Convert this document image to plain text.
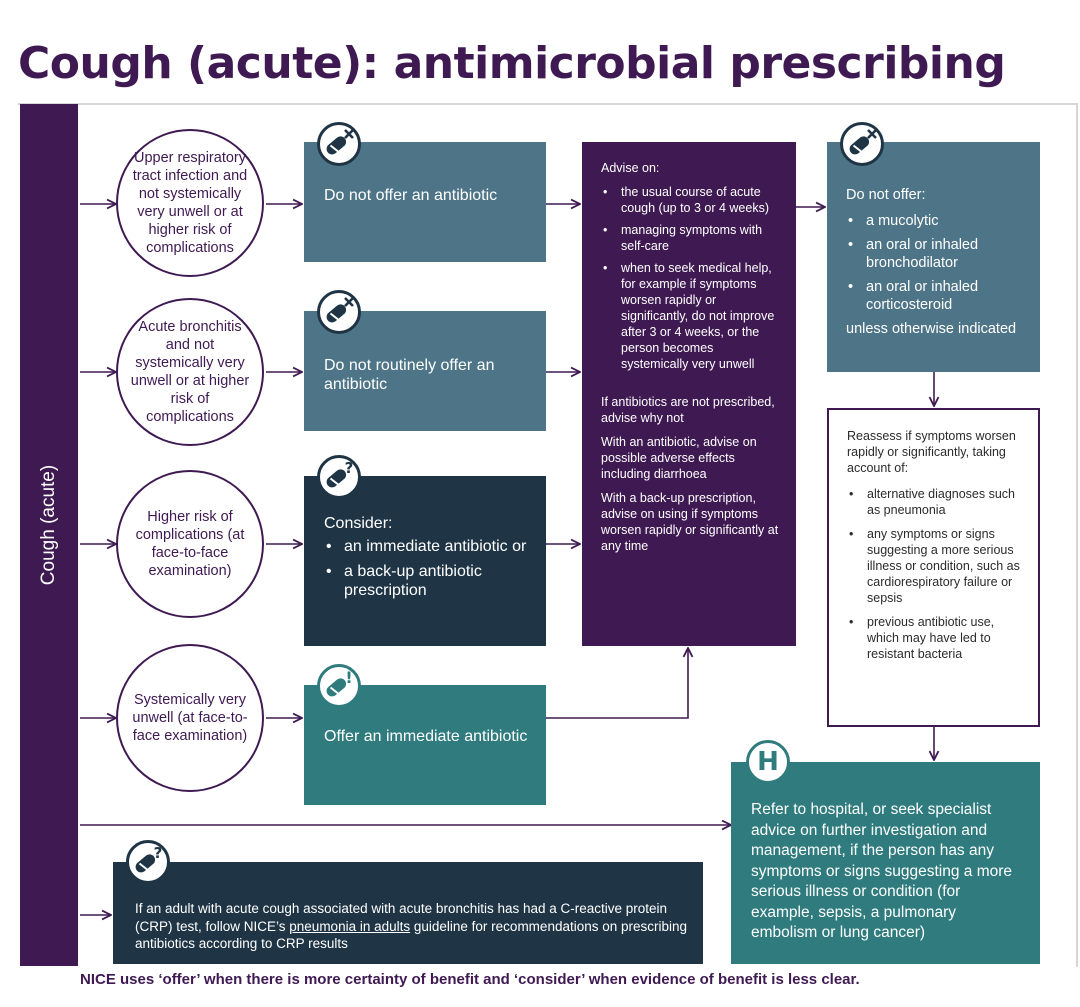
Cough (acute): antimicrobial prescribing
Cough (acute)
Upper respiratory tract infection and not systemically very unwell or at higher risk of complications
Acute bronchitis and not systemically very unwell or at higher risk of complications
Higher risk of complications (at face-to-face examination)
Systemically very unwell (at face-to-face examination)
Do not offer an antibiotic
Do not routinely offer an antibiotic
Consider:
• an immediate antibiotic or
• a back-up antibiotic prescription
?
Offer an immediate antibiotic
!

Advise on:

• the usual course of acute cough (up to 3 or 4 weeks)
• managing symptoms with self-care
• when to seek medical help, for example if symptoms worsen rapidly or significantly, do not improve after 3 or 4 weeks, or the person becomes systemically very unwell

If antibiotics are not prescribed, advise why not

With an antibiotic, advise on possible adverse effects including diarrhoea

With a back-up prescription, advise on using if symptoms worsen rapidly or significantly at any time

Do not offer:
• a mucolytic
• an oral or inhaled bronchodilator
• an oral or inhaled corticosteroid
unless otherwise indicated

Reassess if symptoms worsen rapidly or significantly, taking account of:

• alternative diagnoses such as pneumonia
• any symptoms or signs suggesting a more serious illness or condition, such as cardiorespiratory failure or sepsis
• previous antibiotic use, which may have led to resistant bacteria
Refer to hospital, or seek specialist advice on further investigation and management, if the person has any symptoms or signs suggesting a more serious illness or condition (for example, sepsis, a pulmonary embolism or lung cancer)
H
If an adult with acute cough associated with acute bronchitis has had a C-reactive protein (CRP) test, follow NICE’s pneumonia in adults guideline for recommendations on prescribing antibiotics according to CRP results
?
NICE uses ‘offer’ when there is more certainty of benefit and ‘consider’ when evidence of benefit is less clear.
